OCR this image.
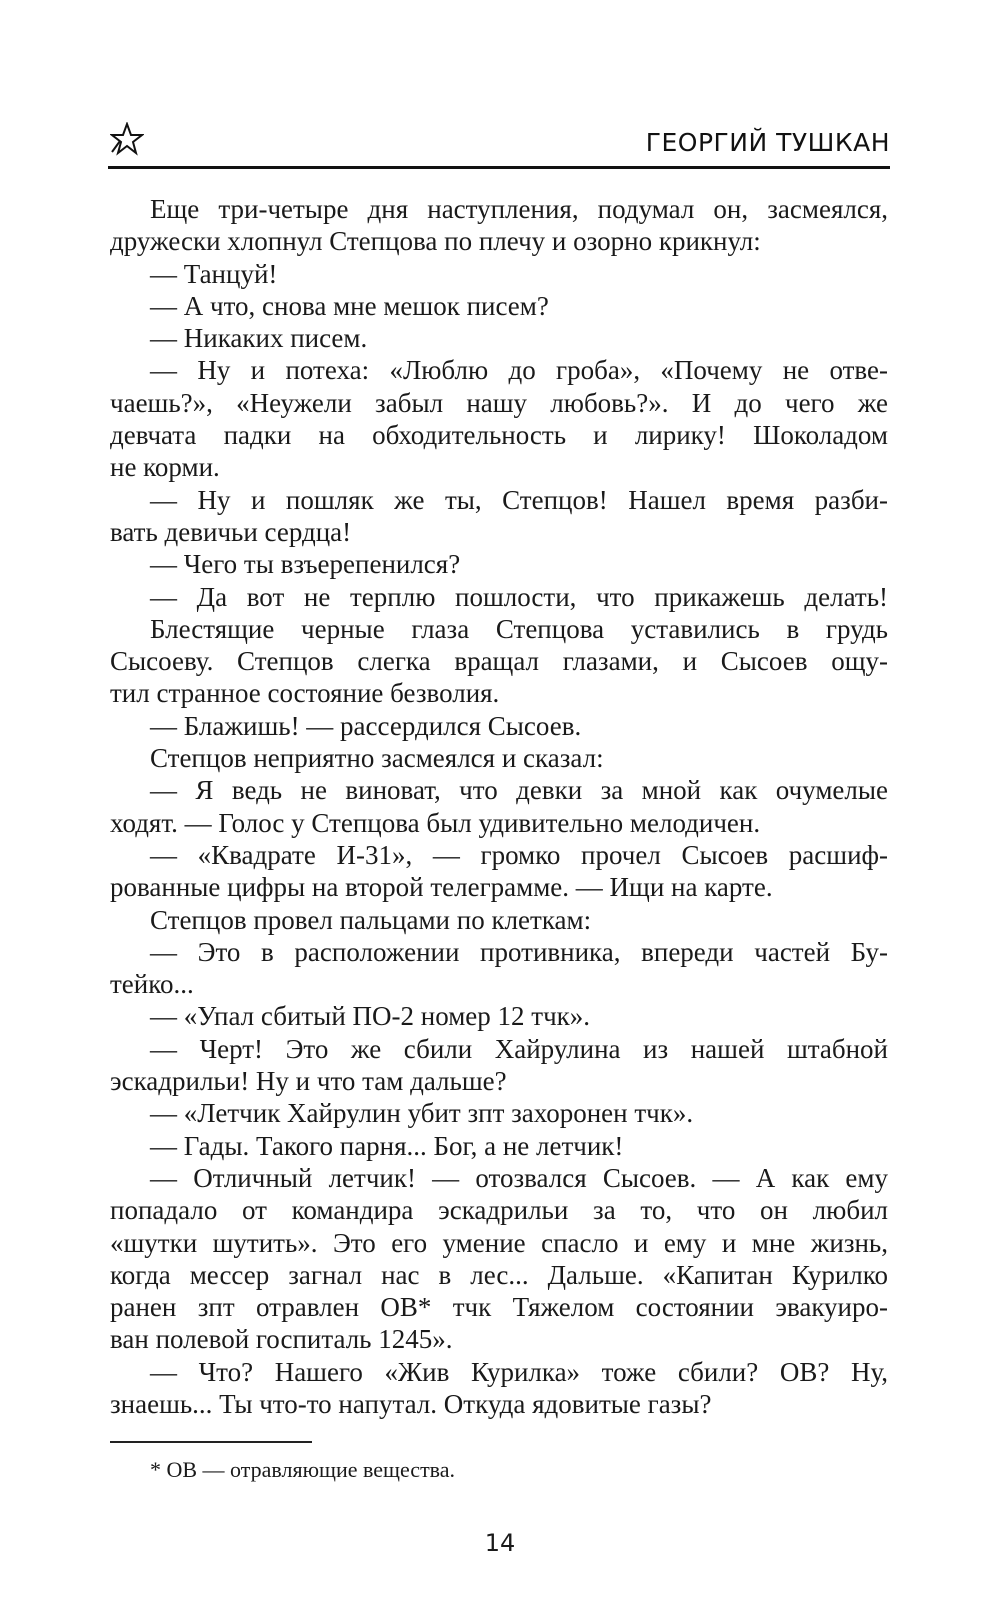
ГЕОРГИЙ ТУШКАН
Еще три-четыре дня наступления, подумал он, засмеялся,
дружески хлопнул Степцова по плечу и озорно крикнул:
— Танцуй!
— А что, снова мне мешок писем?
— Никаких писем.
— Ну и потеха: «Люблю до гроба», «Почему не отве-
чаешь?», «Неужели забыл нашу любовь?». И до чего же
девчата падки на обходительность и лирику! Шоколадом
не корми.
— Ну и пошляк же ты, Степцов! Нашел время разби-
вать девичьи сердца!
— Чего ты взъерепенился?
— Да вот не терплю пошлости, что прикажешь делать!
Блестящие черные глаза Степцова уставились в грудь
Сысоеву. Степцов слегка вращал глазами, и Сысоев ощу-
тил странное состояние безволия.
— Блажишь! — рассердился Сысоев.
Степцов неприятно засмеялся и сказал:
— Я ведь не виноват, что девки за мной как очумелые
ходят. — Голос у Степцова был удивительно мелодичен.
— «Квадрате И-31», — громко прочел Сысоев расшиф-
рованные цифры на второй телеграмме. — Ищи на карте.
Степцов провел пальцами по клеткам:
— Это в расположении противника, впереди частей Бу-
тейко...
— «Упал сбитый ПО-2 номер 12 тчк».
— Черт! Это же сбили Хайрулина из нашей штабной
эскадрильи! Ну и что там дальше?
— «Летчик Хайрулин убит зпт захоронен тчк».
— Гады. Такого парня... Бог, а не летчик!
— Отличный летчик! — отозвался Сысоев. — А как ему
попадало от командира эскадрильи за то, что он любил
«шутки шутить». Это его умение спасло и ему и мне жизнь,
когда мессер загнал нас в лес... Дальше. «Капитан Курилко
ранен зпт отравлен ОВ* тчк Тяжелом состоянии эвакуиро-
ван полевой госпиталь 1245».
— Что? Нашего «Жив Курилка» тоже сбили? ОВ? Ну,
знаешь... Ты что-то напутал. Откуда ядовитые газы?
* ОВ — отравляющие вещества.
14
